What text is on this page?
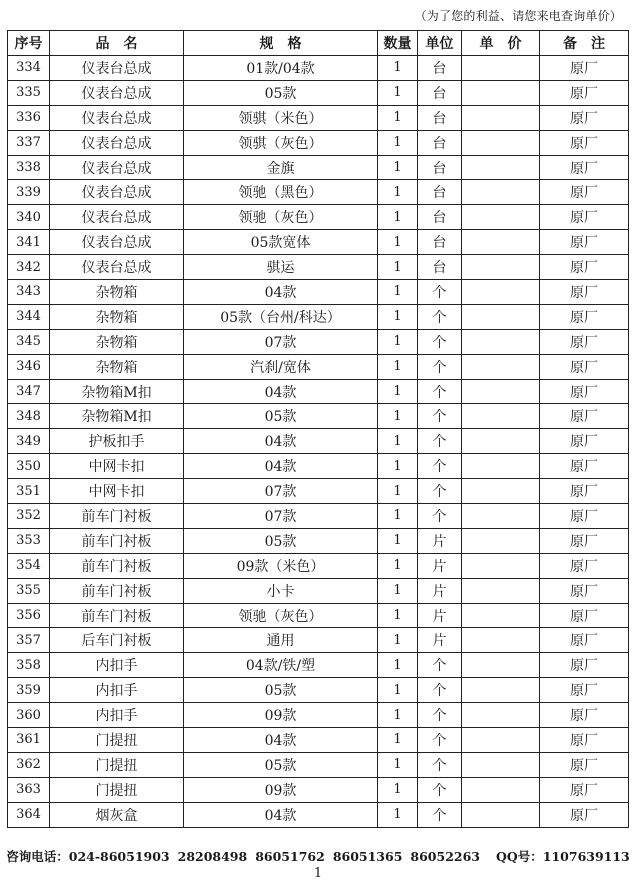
（为了您的利益、请您来电查询单价）
序号	品名	规格	数量	单位	单价	备注
334	仪表台总成	01款/04款	1	台		原厂
335	仪表台总成	05款	1	台		原厂
336	仪表台总成	领骐（米色）	1	台		原厂
337	仪表台总成	领骐（灰色）	1	台		原厂
338	仪表台总成	金旗	1	台		原厂
339	仪表台总成	领驰（黑色）	1	台		原厂
340	仪表台总成	领驰（灰色）	1	台		原厂
341	仪表台总成	05款宽体	1	台		原厂
342	仪表台总成	骐运	1	台		原厂
343	杂物箱	04款	1	个		原厂
344	杂物箱	05款（台州/科达）	1	个		原厂
345	杂物箱	07款	1	个		原厂
346	杂物箱	汽刹/宽体	1	个		原厂
347	杂物箱M扣	04款	1	个		原厂
348	杂物箱M扣	05款	1	个		原厂
349	护板扣手	04款	1	个		原厂
350	中网卡扣	04款	1	个		原厂
351	中网卡扣	07款	1	个		原厂
352	前车门衬板	07款	1	个		原厂
353	前车门衬板	05款	1	片		原厂
354	前车门衬板	09款（米色）	1	片		原厂
355	前车门衬板	小卡	1	片		原厂
356	前车门衬板	领驰（灰色）	1	片		原厂
357	后车门衬板	通用	1	片		原厂
358	内扣手	04款/铁/塑	1	个		原厂
359	内扣手	05款	1	个		原厂
360	内扣手	09款	1	个		原厂
361	门提扭	04款	1	个		原厂
362	门提扭	05款	1	个		原厂
363	门提扭	09款	1	个		原厂
364	烟灰盒	04款	1	个		原厂
咨询电话：024-86051903 28208498 86051762 86051365 86052263 QQ号：1107639113
1
